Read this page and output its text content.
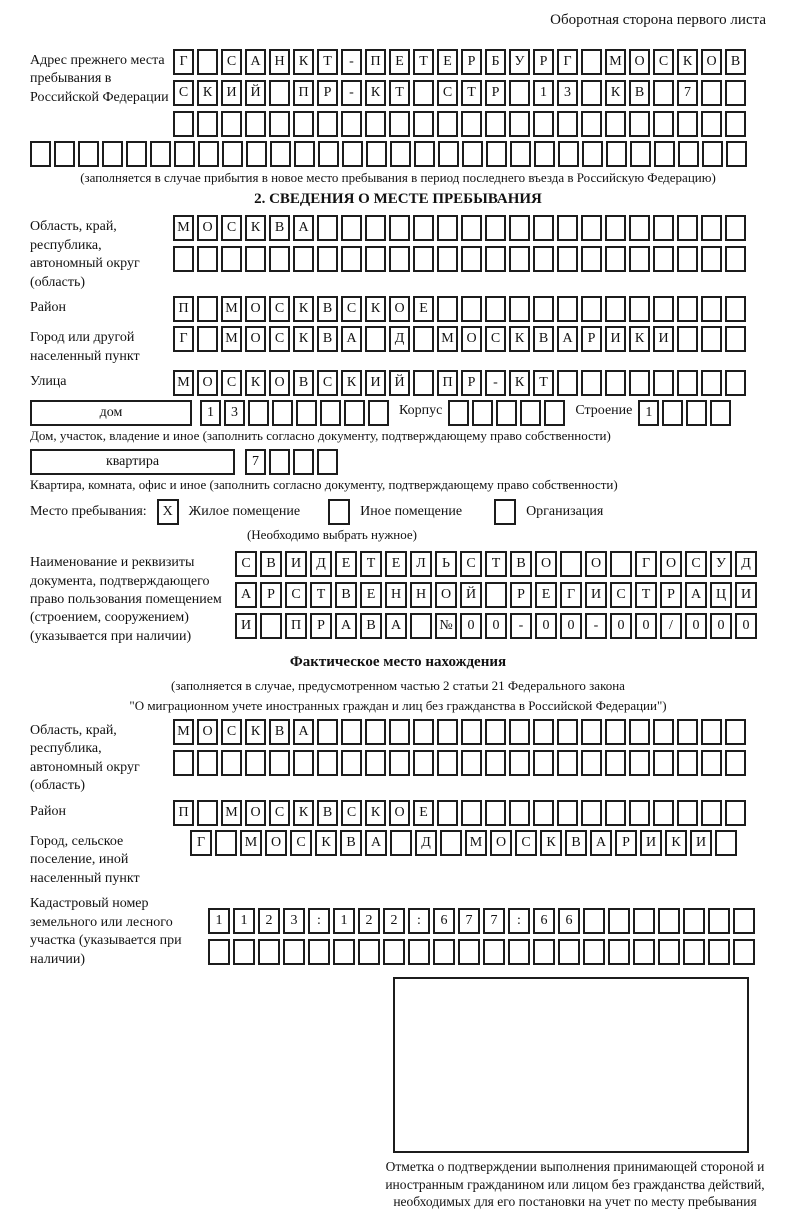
Оборотная сторона первого листа
Адрес прежнего места пребывания в Российской Федерации
Г	С	А Н	К	Т	-	П	Е	Т	Е	Р	Б	У	Р	Г	М О	С	К	О	В
С	К	И Й	П	Р	-	К	Т	С	Т	Р	1	3	К	В	7
(заполняется в случае прибытия в новое место пребывания в период последнего въезда в Российскую Федерацию)
2. СВЕДЕНИЯ О МЕСТЕ ПРЕБЫВАНИЯ
Область, край, республика, автономный округ (область)
М О	С	К	В	А
Район	П	М О	С	К	В	С	К	О	Е
Город или другой населенный пункт
Г	М О	С	К	В	А	Д	М О	С	К	В	А	Р	И	К	И
Улица	М О	С	К	О	В	С	К	И Й	П	Р	-	К	Т
дом	1	3	Корпус	Строение 1
Дом, участок, владение и иное (заполнить согласно документу, подтверждающему право собственности)
квартира	7
Квартира, комната, офис и иное (заполнить согласно документу, подтверждающему право собственности)
Место пребывания:	X	Жилое помещение	Иное помещение	Организация
(Необходимо выбрать нужное)
Наименование и реквизиты документа, подтверждающего право пользования помещением (строением, сооружением) (указывается при наличии)
С	В	И	Д	Е	Т	Е	Л	Ь	С	Т	В	О	О	Г	О	С	У	Д
А	Р	С	Т	В	Е	Н	Н	О	Й	Р	Е	Г	И	С	Т	Р	А	Ц	И
И	П	Р	А	В	А	№	0	0	-	0	0	-	0	0	/	0	0	0
Фактическое место нахождения
(заполняется в случае, предусмотренном частью 2 статьи 21 Федерального закона
"О миграционном учете иностранных граждан и лиц без гражданства в Российской Федерации")
Область, край, республика, автономный округ (область)
М О	С	К	В	А
Район	П	М О	С	К	В	С	К	О	Е
Город, сельское поселение, иной населенный пункт
Г	М О	С	К	В	А	Д	М О	С	К	В	А	Р	И	К	И
Кадастровый номер земельного или лесного участка (указывается при наличии)
1	1	2	3	:	1	2	2	:	6	7	7	:	6	6
Отметка о подтверждении выполнения принимающей стороной и иностранным гражданином или лицом без гражданства действий, необходимых для его постановки на учет по месту пребывания
